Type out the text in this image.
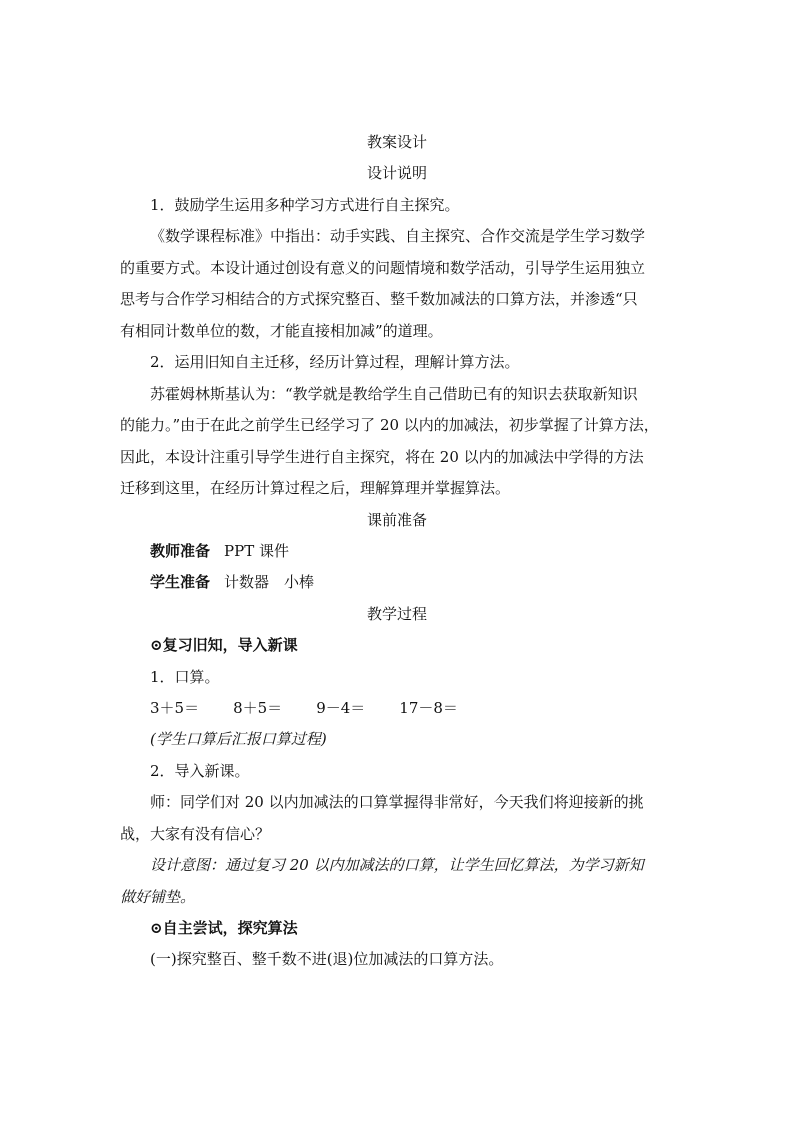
教案设计
设计说明
1．鼓励学生运用多种学习方式进行自主探究。
《数学课程标准》中指出：动手实践、自主探究、合作交流是学生学习数学
的重要方式。本设计通过创设有意义的问题情境和数学活动，引导学生运用独立
思考与合作学习相结合的方式探究整百、整千数加减法的口算方法，并渗透“只
有相同计数单位的数，才能直接相加减”的道理。
2．运用旧知自主迁移，经历计算过程，理解计算方法。
苏霍姆林斯基认为：“教学就是教给学生自己借助已有的知识去获取新知识
的能力。”由于在此之前学生已经学习了 20 以内的加减法，初步掌握了计算方法，
因此，本设计注重引导学生进行自主探究，将在 20 以内的加减法中学得的方法
迁移到这里，在经历计算过程之后，理解算理并掌握算法。
课前准备
教师准备 PPT 课件
学生准备 计数器　小棒
教学过程
⊙复习旧知，导入新课
1．口算。
3＋5＝ 8＋5＝ 9－4＝ 17－8＝
(学生口算后汇报口算过程)
2．导入新课。
师：同学们对 20 以内加减法的口算掌握得非常好，今天我们将迎接新的挑
战，大家有没有信心？
设计意图：通过复习 20 以内加减法的口算，让学生回忆算法，为学习新知
做好铺垫。
⊙自主尝试，探究算法
(一)探究整百、整千数不进(退)位加减法的口算方法。
